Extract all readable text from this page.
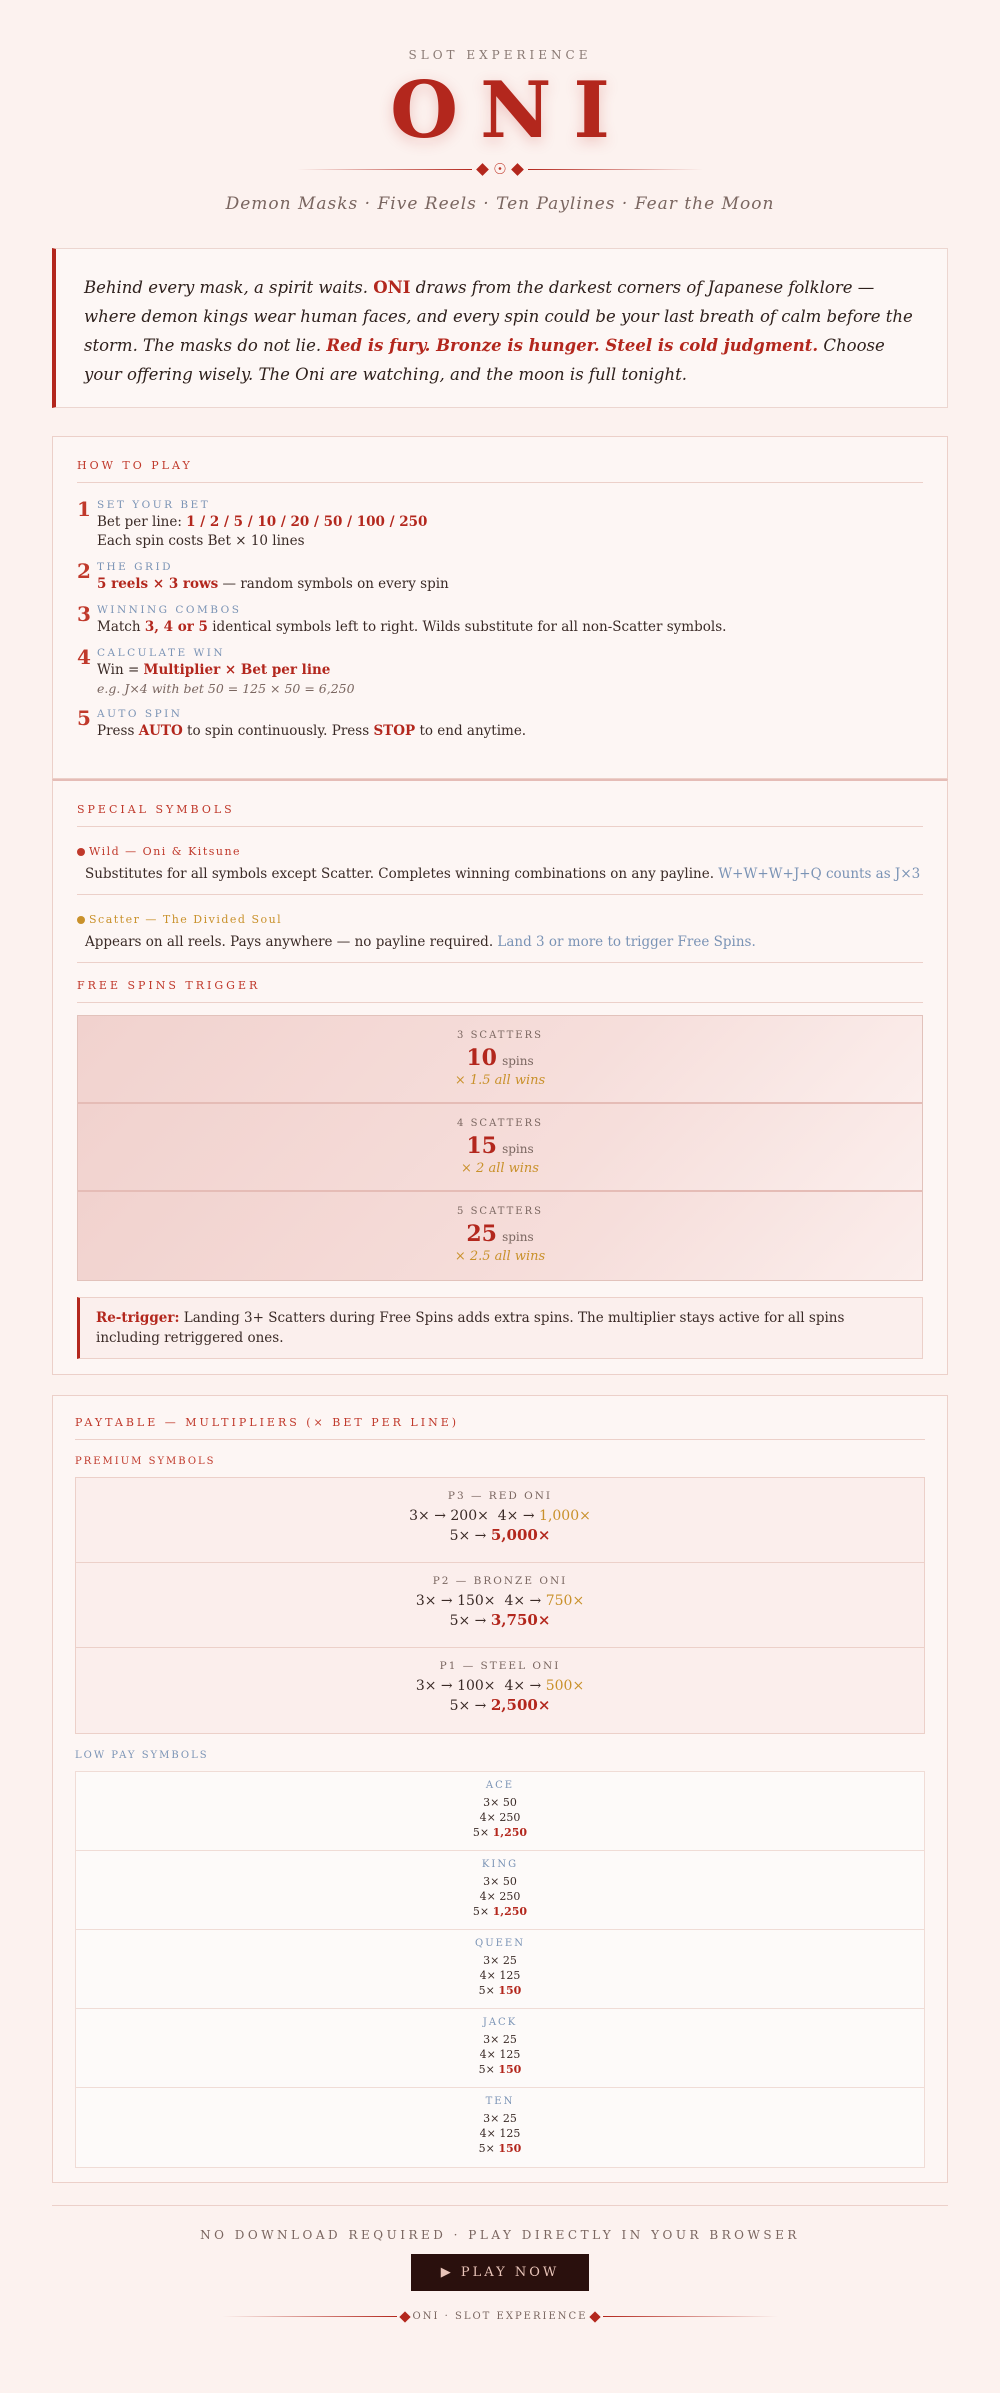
SLOT EXPERIENCE
ONI
☉
Demon Masks · Five Reels · Ten Paylines · Fear the Moon
Behind every mask, a spirit waits. ONI draws from the darkest corners of Japanese folklore — where demon kings wear human faces, and every spin could be your last breath of calm before the storm. The masks do not lie. Red is fury. Bronze is hunger. Steel is cold judgment. Choose your offering wisely. The Oni are watching, and the moon is full tonight.
HOW TO PLAY
1 SET YOUR BET
Bet per line: 1 / 2 / 5 / 10 / 20 / 50 / 100 / 250
Each spin costs Bet × 10 lines
2 THE GRID
5 reels × 3 rows — random symbols on every spin
3 WINNING COMBOS
Match 3, 4 or 5 identical symbols left to right. Wilds substitute for all non-Scatter symbols.
4 CALCULATE WIN
Win = Multiplier × Bet per line
e.g. J×4 with bet 50 = 125 × 50 = 6,250
5 AUTO SPIN
Press AUTO to spin continuously. Press STOP to end anytime.
SPECIAL SYMBOLS
Wild — Oni & Kitsune
Substitutes for all symbols except Scatter. Completes winning combinations on any payline. W+W+W+J+Q counts as J×3
Scatter — The Divided Soul
Appears on all reels. Pays anywhere — no payline required. Land 3 or more to trigger Free Spins.
FREE SPINS TRIGGER
3 SCATTERS
10 spins
× 1.5 all wins
4 SCATTERS
15 spins
× 2 all wins
5 SCATTERS
25 spins
× 2.5 all wins
Re-trigger: Landing 3+ Scatters during Free Spins adds extra spins. The multiplier stays active for all spins including retriggered ones.
PAYTABLE — MULTIPLIERS (× BET PER LINE)
PREMIUM SYMBOLS
P3 — RED ONI
3× → 200× 4× → 1,000×
5× → 5,000×
P2 — BRONZE ONI
3× → 150× 4× → 750×
5× → 3,750×
P1 — STEEL ONI
3× → 100× 4× → 500×
5× → 2,500×
LOW PAY SYMBOLS
ACE
3× 50
4× 250
5× 1,250
KING
3× 50
4× 250
5× 1,250
QUEEN
3× 25
4× 125
5× 150
JACK
3× 25
4× 125
5× 150
TEN
3× 25
4× 125
5× 150
NO DOWNLOAD REQUIRED · PLAY DIRECTLY IN YOUR BROWSER
▶ PLAY NOW
ONI · SLOT EXPERIENCE
